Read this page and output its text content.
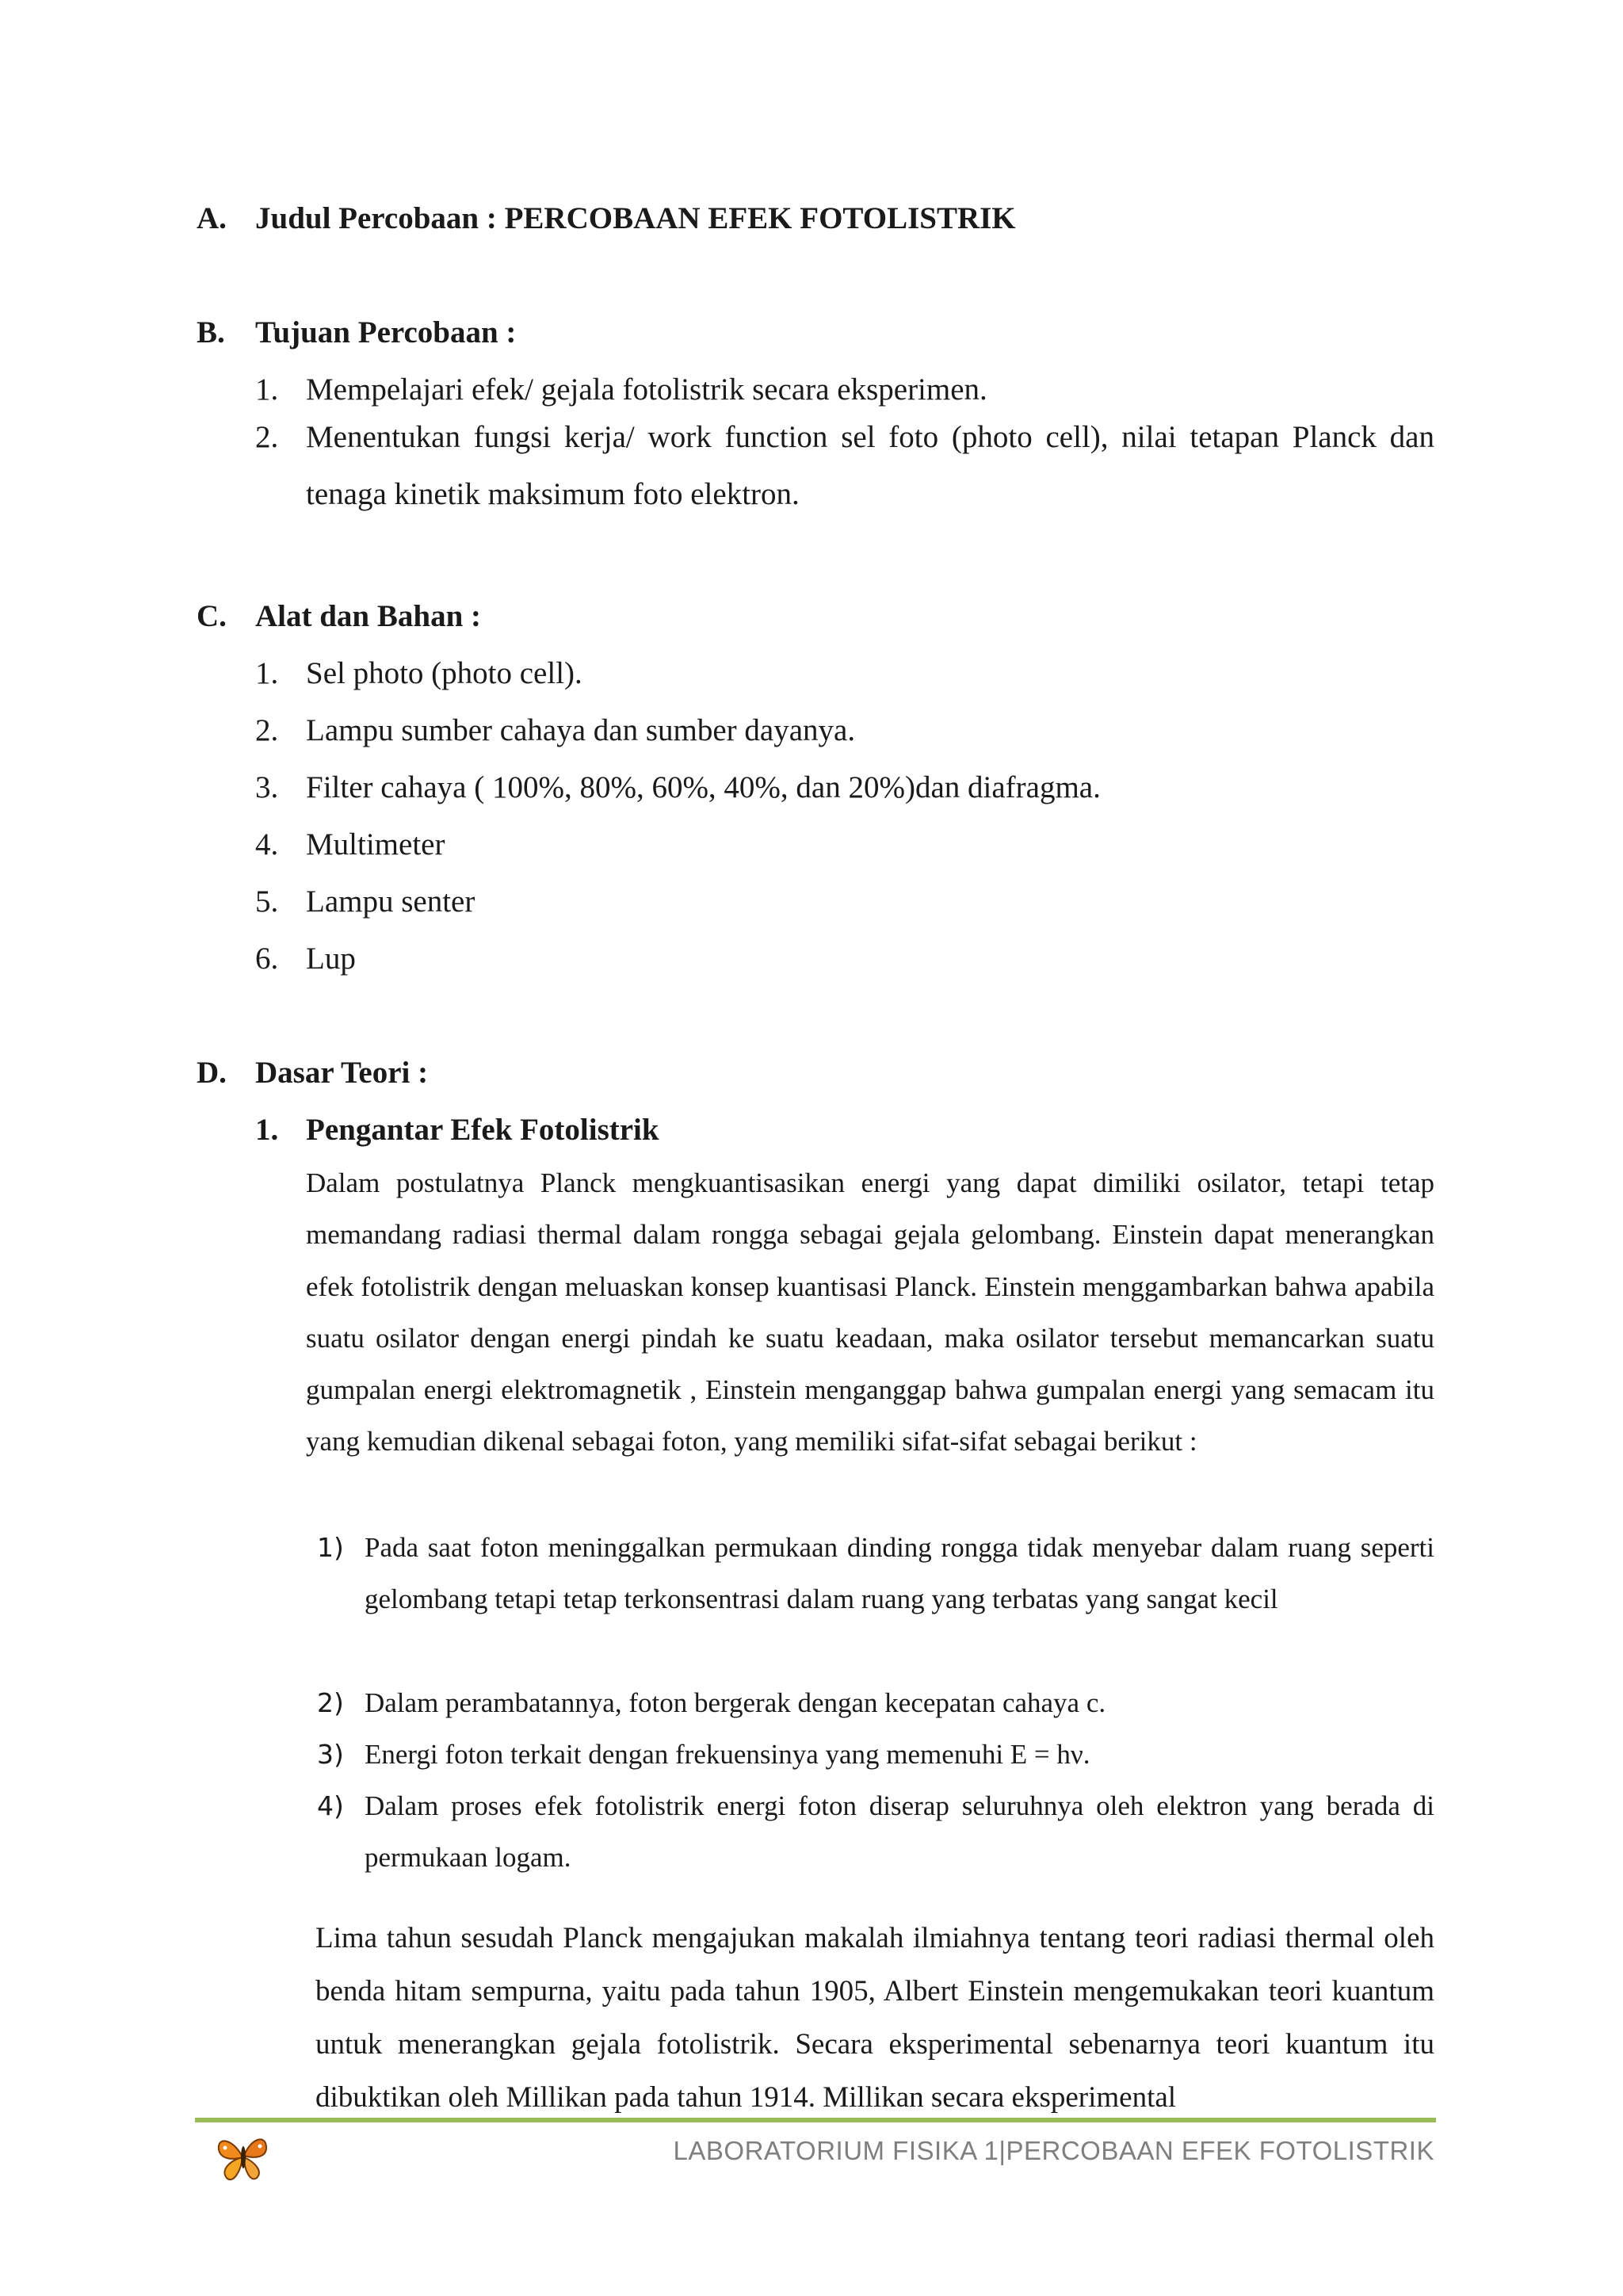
A. Judul Percobaan : PERCOBAAN EFEK FOTOLISTRIK
B. Tujuan Percobaan :
1. Mempelajari efek/ gejala fotolistrik secara eksperimen.
2. Menentukan fungsi kerja/ work function sel foto (photo cell), nilai tetapan Planck dan tenaga kinetik maksimum foto elektron.
C. Alat dan Bahan :
1. Sel photo (photo cell).
2. Lampu sumber cahaya dan sumber dayanya.
3. Filter cahaya ( 100%, 80%, 60%, 40%, dan 20%)dan diafragma.
4. Multimeter
5. Lampu senter
6. Lup
D. Dasar Teori :
1. Pengantar Efek Fotolistrik
Dalam postulatnya Planck mengkuantisasikan energi yang dapat dimiliki osilator, tetapi tetap memandang radiasi thermal dalam rongga sebagai gejala gelombang. Einstein dapat menerangkan efek fotolistrik dengan meluaskan konsep kuantisasi Planck. Einstein menggambarkan bahwa apabila suatu osilator dengan energi pindah ke suatu keadaan, maka osilator tersebut memancarkan suatu gumpalan energi elektromagnetik , Einstein menganggap bahwa gumpalan energi yang semacam itu yang kemudian dikenal sebagai foton, yang memiliki sifat-sifat sebagai berikut :
1) Pada saat foton meninggalkan permukaan dinding rongga tidak menyebar dalam ruang seperti gelombang tetapi tetap terkonsentrasi dalam ruang yang terbatas yang sangat kecil
2) Dalam perambatannya, foton bergerak dengan kecepatan cahaya c.
3) Energi foton terkait dengan frekuensinya yang memenuhi E = hν.
4) Dalam proses efek fotolistrik energi foton diserap seluruhnya oleh elektron yang berada di permukaan logam.
Lima tahun sesudah Planck mengajukan makalah ilmiahnya tentang teori radiasi thermal oleh benda hitam sempurna, yaitu pada tahun 1905, Albert Einstein mengemukakan teori kuantum untuk menerangkan gejala fotolistrik. Secara eksperimental sebenarnya teori kuantum itu dibuktikan oleh Millikan pada tahun 1914. Millikan secara eksperimental
LABORATORIUM FISIKA 1|PERCOBAAN EFEK FOTOLISTRIK
